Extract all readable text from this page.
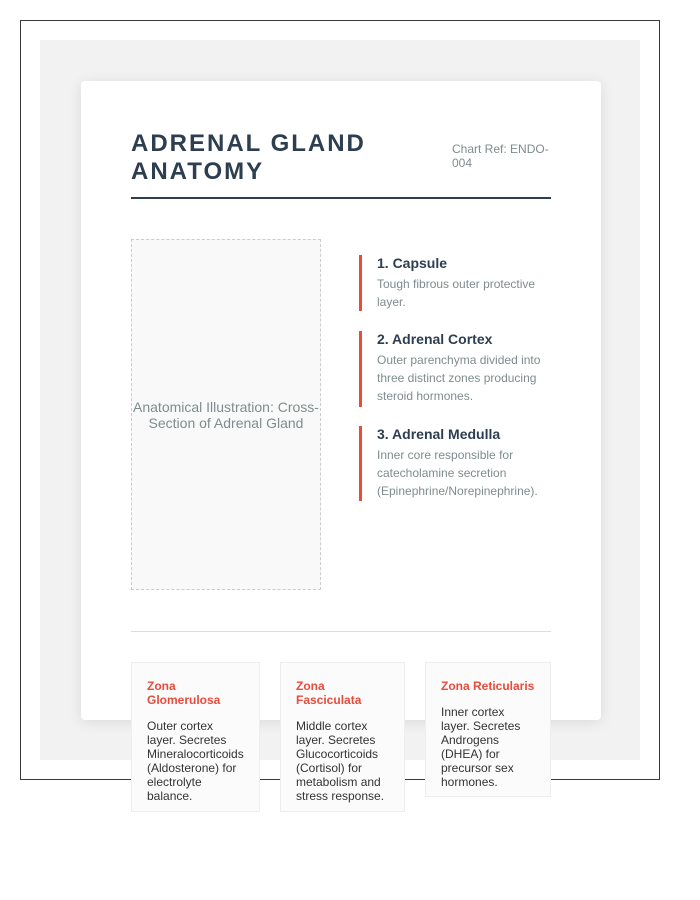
ADRENAL GLAND ANATOMY
Chart Ref: ENDO-004
Anatomical Illustration: Cross-Section of Adrenal Gland
1. Capsule
Tough fibrous outer protective layer.
2. Adrenal Cortex
Outer parenchyma divided into three distinct zones producing steroid hormones.
3. Adrenal Medulla
Inner core responsible for catecholamine secretion (Epinephrine/Norepinephrine).
Zona Glomerulosa
Outer cortex layer. Secretes Mineralocorticoids (Aldosterone) for electrolyte balance.
Zona Fasciculata
Middle cortex layer. Secretes Glucocorticoids (Cortisol) for metabolism and stress response.
Zona Reticularis
Inner cortex layer. Secretes Androgens (DHEA) for precursor sex hormones.
